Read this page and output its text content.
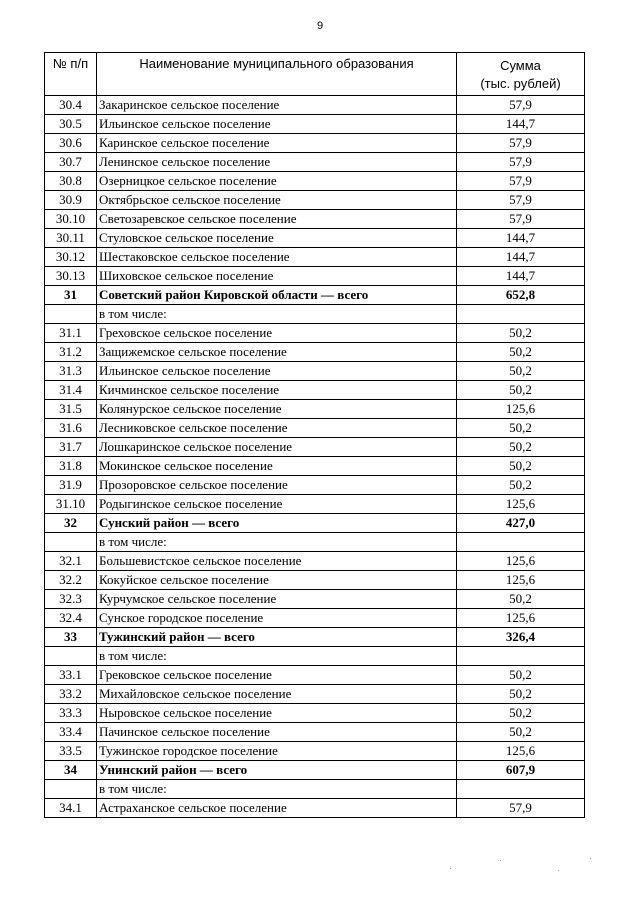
9
№ п/п	Наименование муниципального образования	Сумма
(тыс. рублей)

30.4	Закаринское сельское поселение	57,9
30.5	Ильинское сельское поселение	144,7
30.6	Каринское сельское поселение	57,9
30.7	Ленинское сельское поселение	57,9
30.8	Озерницкое сельское поселение	57,9
30.9	Октябрьское сельское поселение	57,9
30.10	Светозаревское сельское поселение	57,9
30.11	Стуловское сельское поселение	144,7
30.12	Шестаковское сельское поселение	144,7
30.13	Шиховское сельское поселение	144,7
31	Советский район Кировской области — всего	652,8
	в том числе:	
31.1	Греховское сельское поселение	50,2
31.2	Защижемское сельское поселение	50,2
31.3	Ильинское сельское поселение	50,2
31.4	Кичминское сельское поселение	50,2
31.5	Колянурское сельское поселение	125,6
31.6	Лесниковское сельское поселение	50,2
31.7	Лошкаринское сельское поселение	50,2
31.8	Мокинское сельское поселение	50,2
31.9	Прозоровское сельское поселение	50,2
31.10	Родыгинское сельское поселение	125,6
32	Сунский район — всего	427,0
	в том числе:	
32.1	Большевистское сельское поселение	125,6
32.2	Кокуйское сельское поселение	125,6
32.3	Курчумское сельское поселение	50,2
32.4	Сунское городское поселение	125,6
33	Тужинский район — всего	326,4
	в том числе:	
33.1	Грековское сельское поселение	50,2
33.2	Михайловское сельское поселение	50,2
33.3	Ныровское сельское поселение	50,2
33.4	Пачинское сельское поселение	50,2
33.5	Тужинское городское поселение	125,6
34	Унинский район — всего	607,9
	в том числе:	
34.1	Астраханское сельское поселение	57,9
